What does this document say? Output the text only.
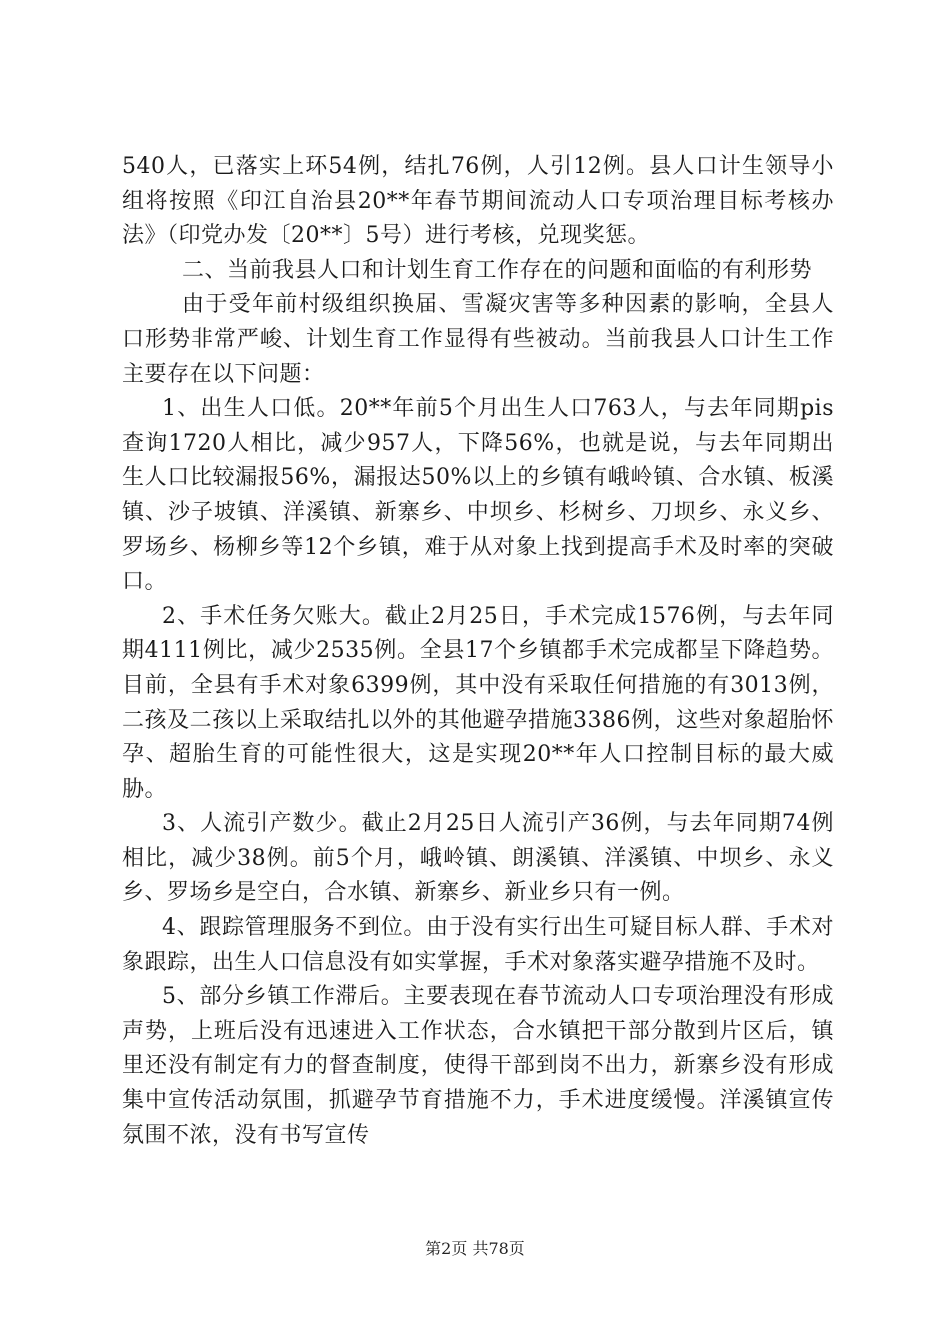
540人，已落实上环54例，结扎76例，人引12例。县人口计生领导小组将按照《印江自治县20**年春节期间流动人口专项治理目标考核办法》（印党办发〔20**〕5号）进行考核，兑现奖惩。

二、当前我县人口和计划生育工作存在的问题和面临的有利形势

由于受年前村级组织换届、雪凝灾害等多种因素的影响，全县人口形势非常严峻、计划生育工作显得有些被动。当前我县人口计生工作主要存在以下问题：

1、出生人口低。20**年前5个月出生人口763人，与去年同期pis查询1720人相比，减少957人，下降56%，也就是说，与去年同期出生人口比较漏报56%，漏报达50%以上的乡镇有峨岭镇、合水镇、板溪镇、沙子坡镇、洋溪镇、新寨乡、中坝乡、杉树乡、刀坝乡、永义乡、罗场乡、杨柳乡等12个乡镇，难于从对象上找到提高手术及时率的突破口。

2、手术任务欠账大。截止2月25日，手术完成1576例，与去年同期4111例比，减少2535例。全县17个乡镇都手术完成都呈下降趋势。目前，全县有手术对象6399例，其中没有采取任何措施的有3013例，二孩及二孩以上采取结扎以外的其他避孕措施3386例，这些对象超胎怀孕、超胎生育的可能性很大，这是实现20**年人口控制目标的最大威胁。

3、人流引产数少。截止2月25日人流引产36例，与去年同期74例相比，减少38例。前5个月，峨岭镇、朗溪镇、洋溪镇、中坝乡、永义乡、罗场乡是空白，合水镇、新寨乡、新业乡只有一例。

4、跟踪管理服务不到位。由于没有实行出生可疑目标人群、手术对象跟踪，出生人口信息没有如实掌握，手术对象落实避孕措施不及时。

5、部分乡镇工作滞后。主要表现在春节流动人口专项治理没有形成声势，上班后没有迅速进入工作状态，合水镇把干部分散到片区后，镇里还没有制定有力的督查制度，使得干部到岗不出力，新寨乡没有形成集中宣传活动氛围，抓避孕节育措施不力，手术进度缓慢。洋溪镇宣传氛围不浓，没有书写宣传

第2页 共78页
